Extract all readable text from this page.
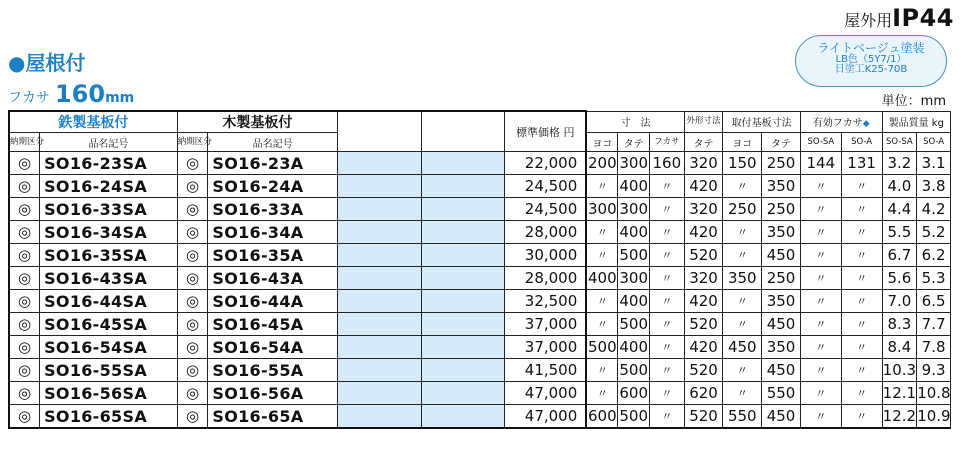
屋外用IP44
ライトベージュ塗装
LB色（5Y7/1）
日塗工K25-70B
●屋根付
フカサ 160mm	単位：mm
鉄製基板付		木製基板付				標準価格 円	寸　法			外形寸法	取付基板寸法		有効フカサ◆		製品質量 kg	
納期区分	品名記号	納期区分	品名記号				ヨコ	タテ	フカサ	タテ	ヨコ	タテ	SO-SA	SO-A	SO-SA	SO-A
◎	SO16-23SA	◎	SO16-23A			22,000	200	300	160	320	150	250	144	131	3.2	3.1
◎	SO16-24SA	◎	SO16-24A			24,500	〃	400	〃	420	〃	350	〃	〃	4.0	3.8
◎	SO16-33SA	◎	SO16-33A			24,500	300	300	〃	320	250	250	〃	〃	4.4	4.2
◎	SO16-34SA	◎	SO16-34A			28,000	〃	400	〃	420	〃	350	〃	〃	5.5	5.2
◎	SO16-35SA	◎	SO16-35A			30,000	〃	500	〃	520	〃	450	〃	〃	6.7	6.2
◎	SO16-43SA	◎	SO16-43A			28,000	400	300	〃	320	350	250	〃	〃	5.6	5.3
◎	SO16-44SA	◎	SO16-44A			32,500	〃	400	〃	420	〃	350	〃	〃	7.0	6.5
◎	SO16-45SA	◎	SO16-45A			37,000	〃	500	〃	520	〃	450	〃	〃	8.3	7.7
◎	SO16-54SA	◎	SO16-54A			37,000	500	400	〃	420	450	350	〃	〃	8.4	7.8
◎	SO16-55SA	◎	SO16-55A			41,500	〃	500	〃	520	〃	450	〃	〃	10.3	9.3
◎	SO16-56SA	◎	SO16-56A			47,000	〃	600	〃	620	〃	550	〃	〃	12.1	10.8
◎	SO16-65SA	◎	SO16-65A			47,000	600	500	〃	520	550	450	〃	〃	12.2	10.9
